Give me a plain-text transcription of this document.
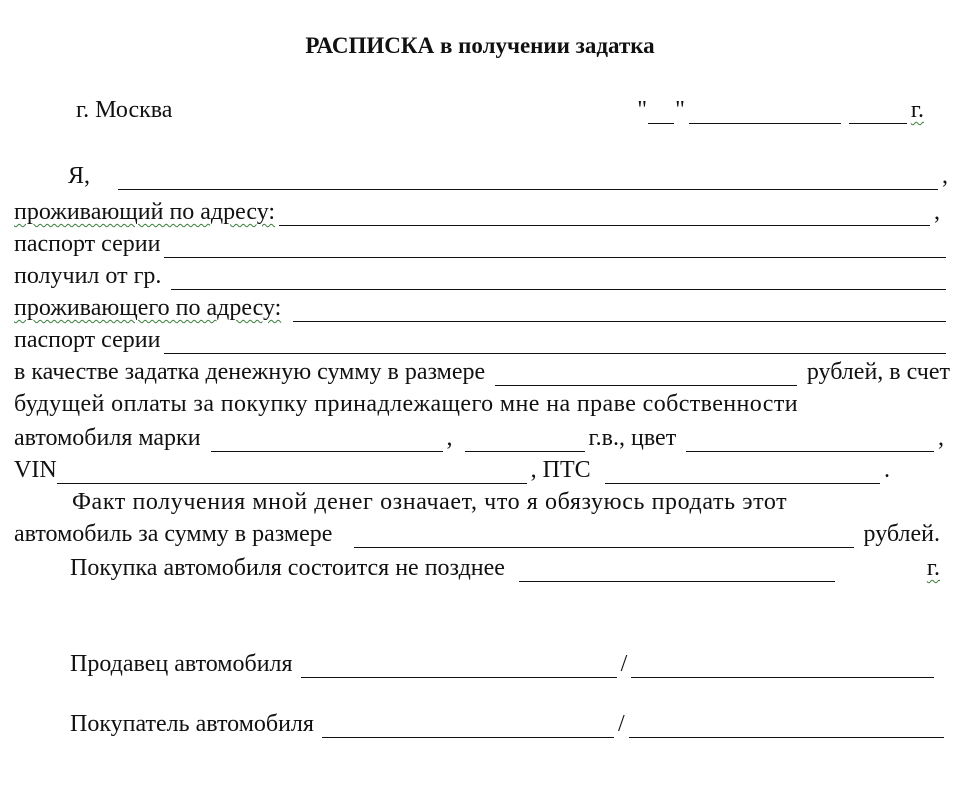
РАСПИСКА в получении задатка
г. Москва	" "	г.
Я,	,
проживающий по адресу:	,
паспорт серии
получил от гр.
проживающего по адресу:
паспорт серии
в качестве задатка денежную сумму в размере	рублей, в счет
будущей оплаты за покупку принадлежащего мне на праве собственности
автомобиля марки	,	г.в., цвет	,
VIN	, ПТС	.
Факт получения мной денег означает, что я обязуюсь продать этот
автомобиль за сумму в размере	рублей.
Покупка автомобиля состоится не позднее	г.
Продавец автомобиля	/
Покупатель автомобиля	/
